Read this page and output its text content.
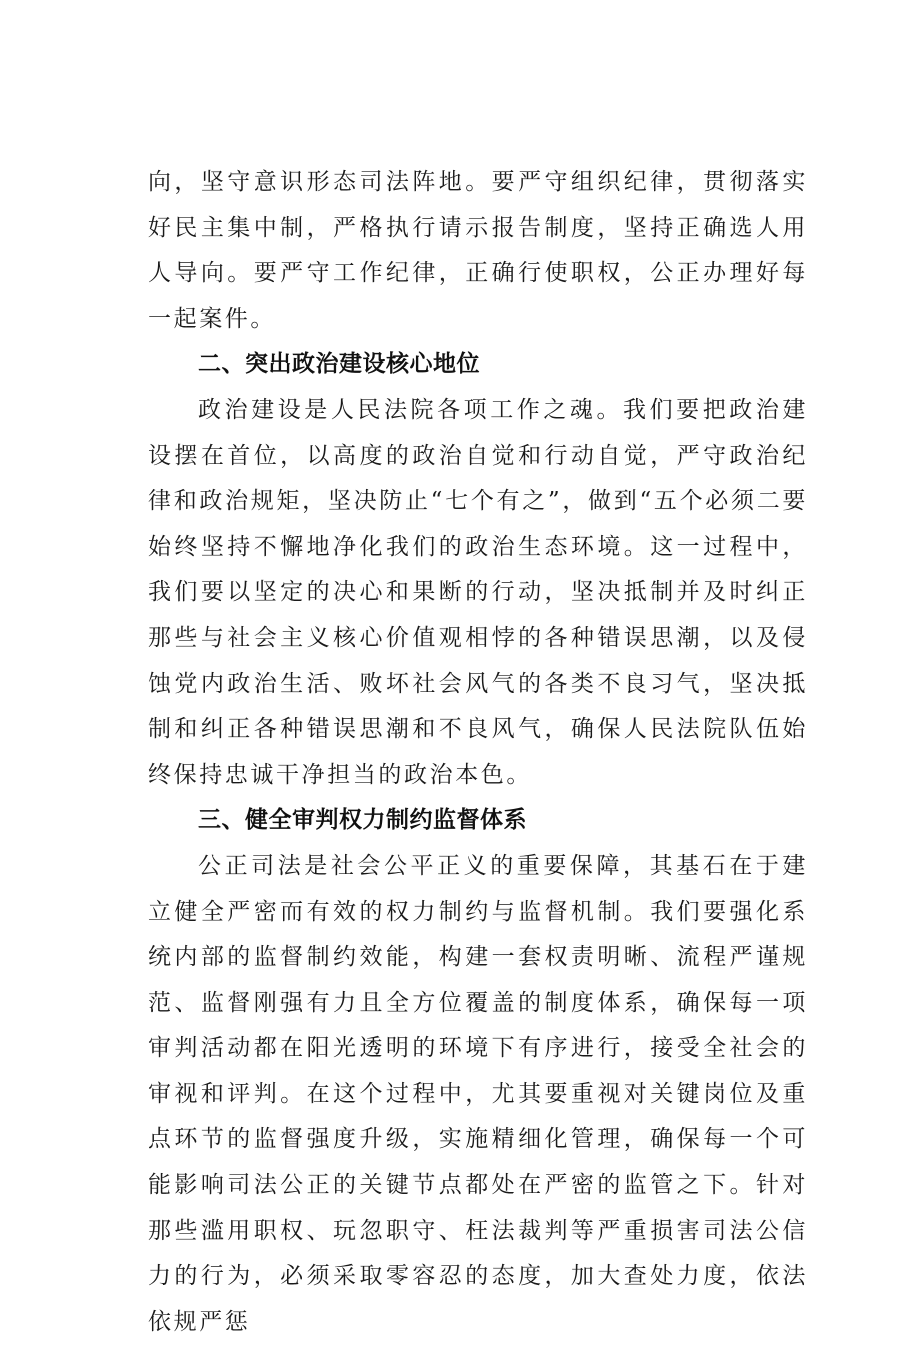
向，坚守意识形态司法阵地。要严守组织纪律，贯彻落实好民主集中制，严格执行请示报告制度，坚持正确选人用人导向。要严守工作纪律，正确行使职权，公正办理好每一起案件。

二、突出政治建设核心地位

政治建设是人民法院各项工作之魂。我们要把政治建设摆在首位，以高度的政治自觉和行动自觉，严守政治纪律和政治规矩，坚决防止“七个有之”，做到“五个必须二要始终坚持不懈地净化我们的政治生态环境。这一过程中，我们要以坚定的决心和果断的行动，坚决抵制并及时纠正那些与社会主义核心价值观相悖的各种错误思潮，以及侵蚀党内政治生活、败坏社会风气的各类不良习气，坚决抵制和纠正各种错误思潮和不良风气，确保人民法院队伍始终保持忠诚干净担当的政治本色。

三、健全审判权力制约监督体系

公正司法是社会公平正义的重要保障，其基石在于建立健全严密而有效的权力制约与监督机制。我们要强化系统内部的监督制约效能，构建一套权责明晰、流程严谨规范、监督刚强有力且全方位覆盖的制度体系，确保每一项审判活动都在阳光透明的环境下有序进行，接受全社会的审视和评判。在这个过程中，尤其要重视对关键岗位及重点环节的监督强度升级，实施精细化管理，确保每一个可能影响司法公正的关键节点都处在严密的监管之下。针对那些滥用职权、玩忽职守、枉法裁判等严重损害司法公信力的行为，必须采取零容忍的态度，加大查处力度，依法依规严惩
